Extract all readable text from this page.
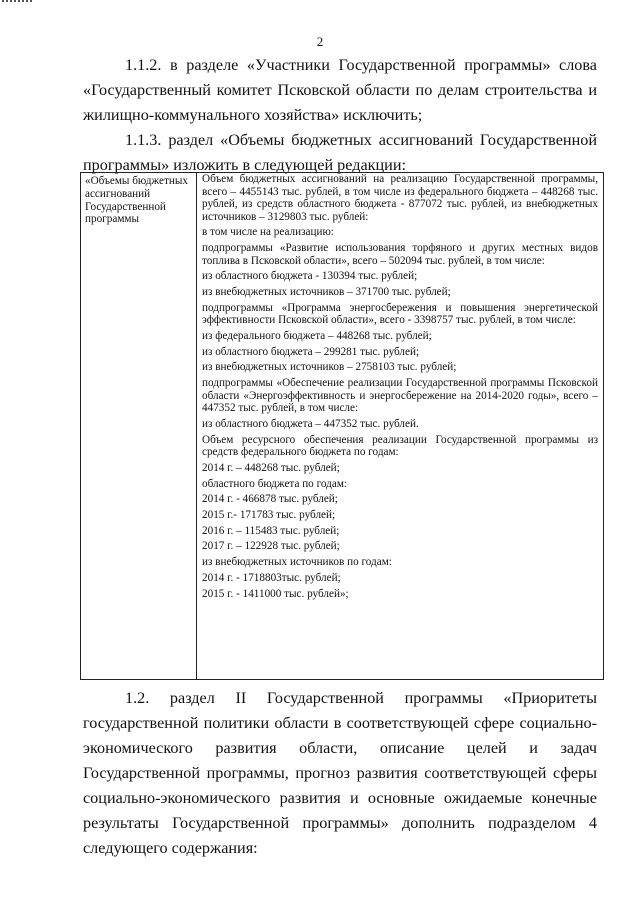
2
1.1.2. в разделе «Участники Государственной программы» слова «Государственный комитет Псковской области по делам строительства и жилищно-коммунального хозяйства» исключить;
1.1.3. раздел «Объемы бюджетных ассигнований Государственной программы» изложить в следующей редакции:
«Объемы бюджетных ассигнований Государственной программы
Объем бюджетных ассигнований на реализацию Государственной программы, всего – 4455143 тыс. рублей, в том числе из федерального бюджета – 448268 тыс. рублей, из средств областного бюджета - 877072 тыс. рублей, из внебюджетных источников – 3129803 тыс. рублей:
в том числе на реализацию:
подпрограммы «Развитие использования торфяного и других местных видов топлива в Псковской области», всего – 502094 тыс. рублей, в том числе:
из областного бюджета - 130394 тыс. рублей;
из внебюджетных источников – 371700 тыс. рублей;
подпрограммы «Программа энергосбережения и повышения энергетической эффективности Псковской области», всего - 3398757 тыс. рублей, в том числе:
из федерального бюджета – 448268 тыс. рублей;
из областного бюджета – 299281 тыс. рублей;
из внебюджетных источников – 2758103 тыс. рублей;
подпрограммы «Обеспечение реализации Государственной программы Псковской области «Энергоэффективность и энергосбережение на 2014-2020 годы», всего – 447352 тыс. рублей, в том числе:
из областного бюджета – 447352 тыс. рублей.
Объем ресурсного обеспечения реализации Государственной программы из средств федерального бюджета по годам:
2014 г. – 448268 тыс. рублей;
областного бюджета по годам:
2014 г. - 466878 тыс. рублей;
2015 г.- 171783 тыс. рублей;
2016 г. – 115483 тыс. рублей;
2017 г. – 122928 тыс. рублей;
из внебюджетных источников по годам:
2014 г. - 1718803тыс. рублей;
2015 г. - 1411000 тыс. рублей»;
1.2. раздел II Государственной программы «Приоритеты государственной политики области в соответствующей сфере социально-экономического развития области, описание целей и задач Государственной программы, прогноз развития соответствующей сферы социально-экономического развития и основные ожидаемые конечные результаты Государственной программы» дополнить подразделом 4 следующего содержания:
